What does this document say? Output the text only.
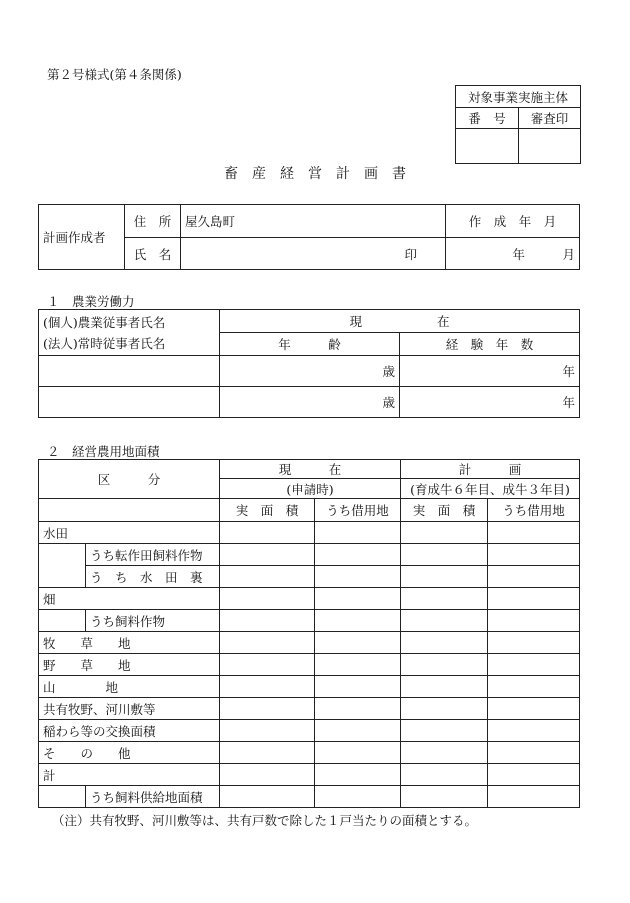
第２号様式(第４条関係)
対象事業実施主体	
番　号	審査印

畜　産　経　営　計　画　書
計画作成者	住　所	屋久島町	作　成　年　月
	氏　名	印	年　　　月
１　農業労働力
(個人)農業従事者氏名
(法人)常時従事者氏名	現　　　　　　在	
	年　　　齢	経　験　年　数
	歳	年
	歳	年
２　経営農用地面積
区　　　分		現　　　在		計　　　画	
		(申請時)		(育成牛６年目、成牛３年目)	
		実　面　積	うち借用地	実　面　積	うち借用地
水田					
	うち転作田飼料作物				
	う　ち　水　田　裏				
畑					
	うち飼料作物				
牧　　草　　地					
野　　草　　地					
山　　　　地					
共有牧野、河川敷等					
稲わら等の交換面積					
そ　　の　　他					
計					
	うち飼料供給地面積				
（注）共有牧野、河川敷等は、共有戸数で除した１戸当たりの面積とする。
